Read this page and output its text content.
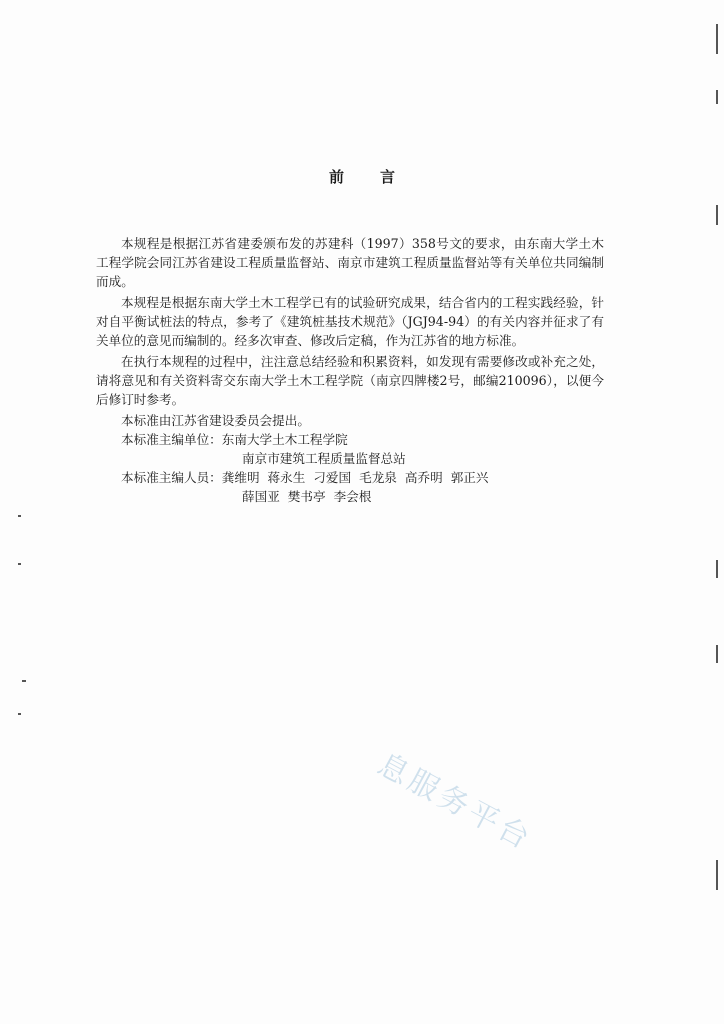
前言

本规程是根据江苏省建委颁布发的苏建科（1997）358号文的要求，由东南大学土木工程学院会同江苏省建设工程质量监督站、南京市建筑工程质量监督站等有关单位共同编制而成。

本规程是根据东南大学土木工程学已有的试验研究成果，结合省内的工程实践经验，针对自平衡试桩法的特点，参考了《建筑桩基技术规范》（JGJ94-94）的有关内容并征求了有关单位的意见而编制的。经多次审查、修改后定稿，作为江苏省的地方标准。

在执行本规程的过程中，注注意总结经验和积累资料，如发现有需要修改或补充之处，请将意见和有关资料寄交东南大学土木工程学院（南京四牌楼2号，邮编210096），以便今后修订时参考。

本标准由江苏省建设委员会提出。

本标准主编单位：东南大学土木工程学院

南京市建筑工程质量监督总站

本标准主编人员：龚维明  蒋永生  刁爱国  毛龙泉  高乔明  郭正兴

薛国亚  樊书亭  李会根

息服务平台
